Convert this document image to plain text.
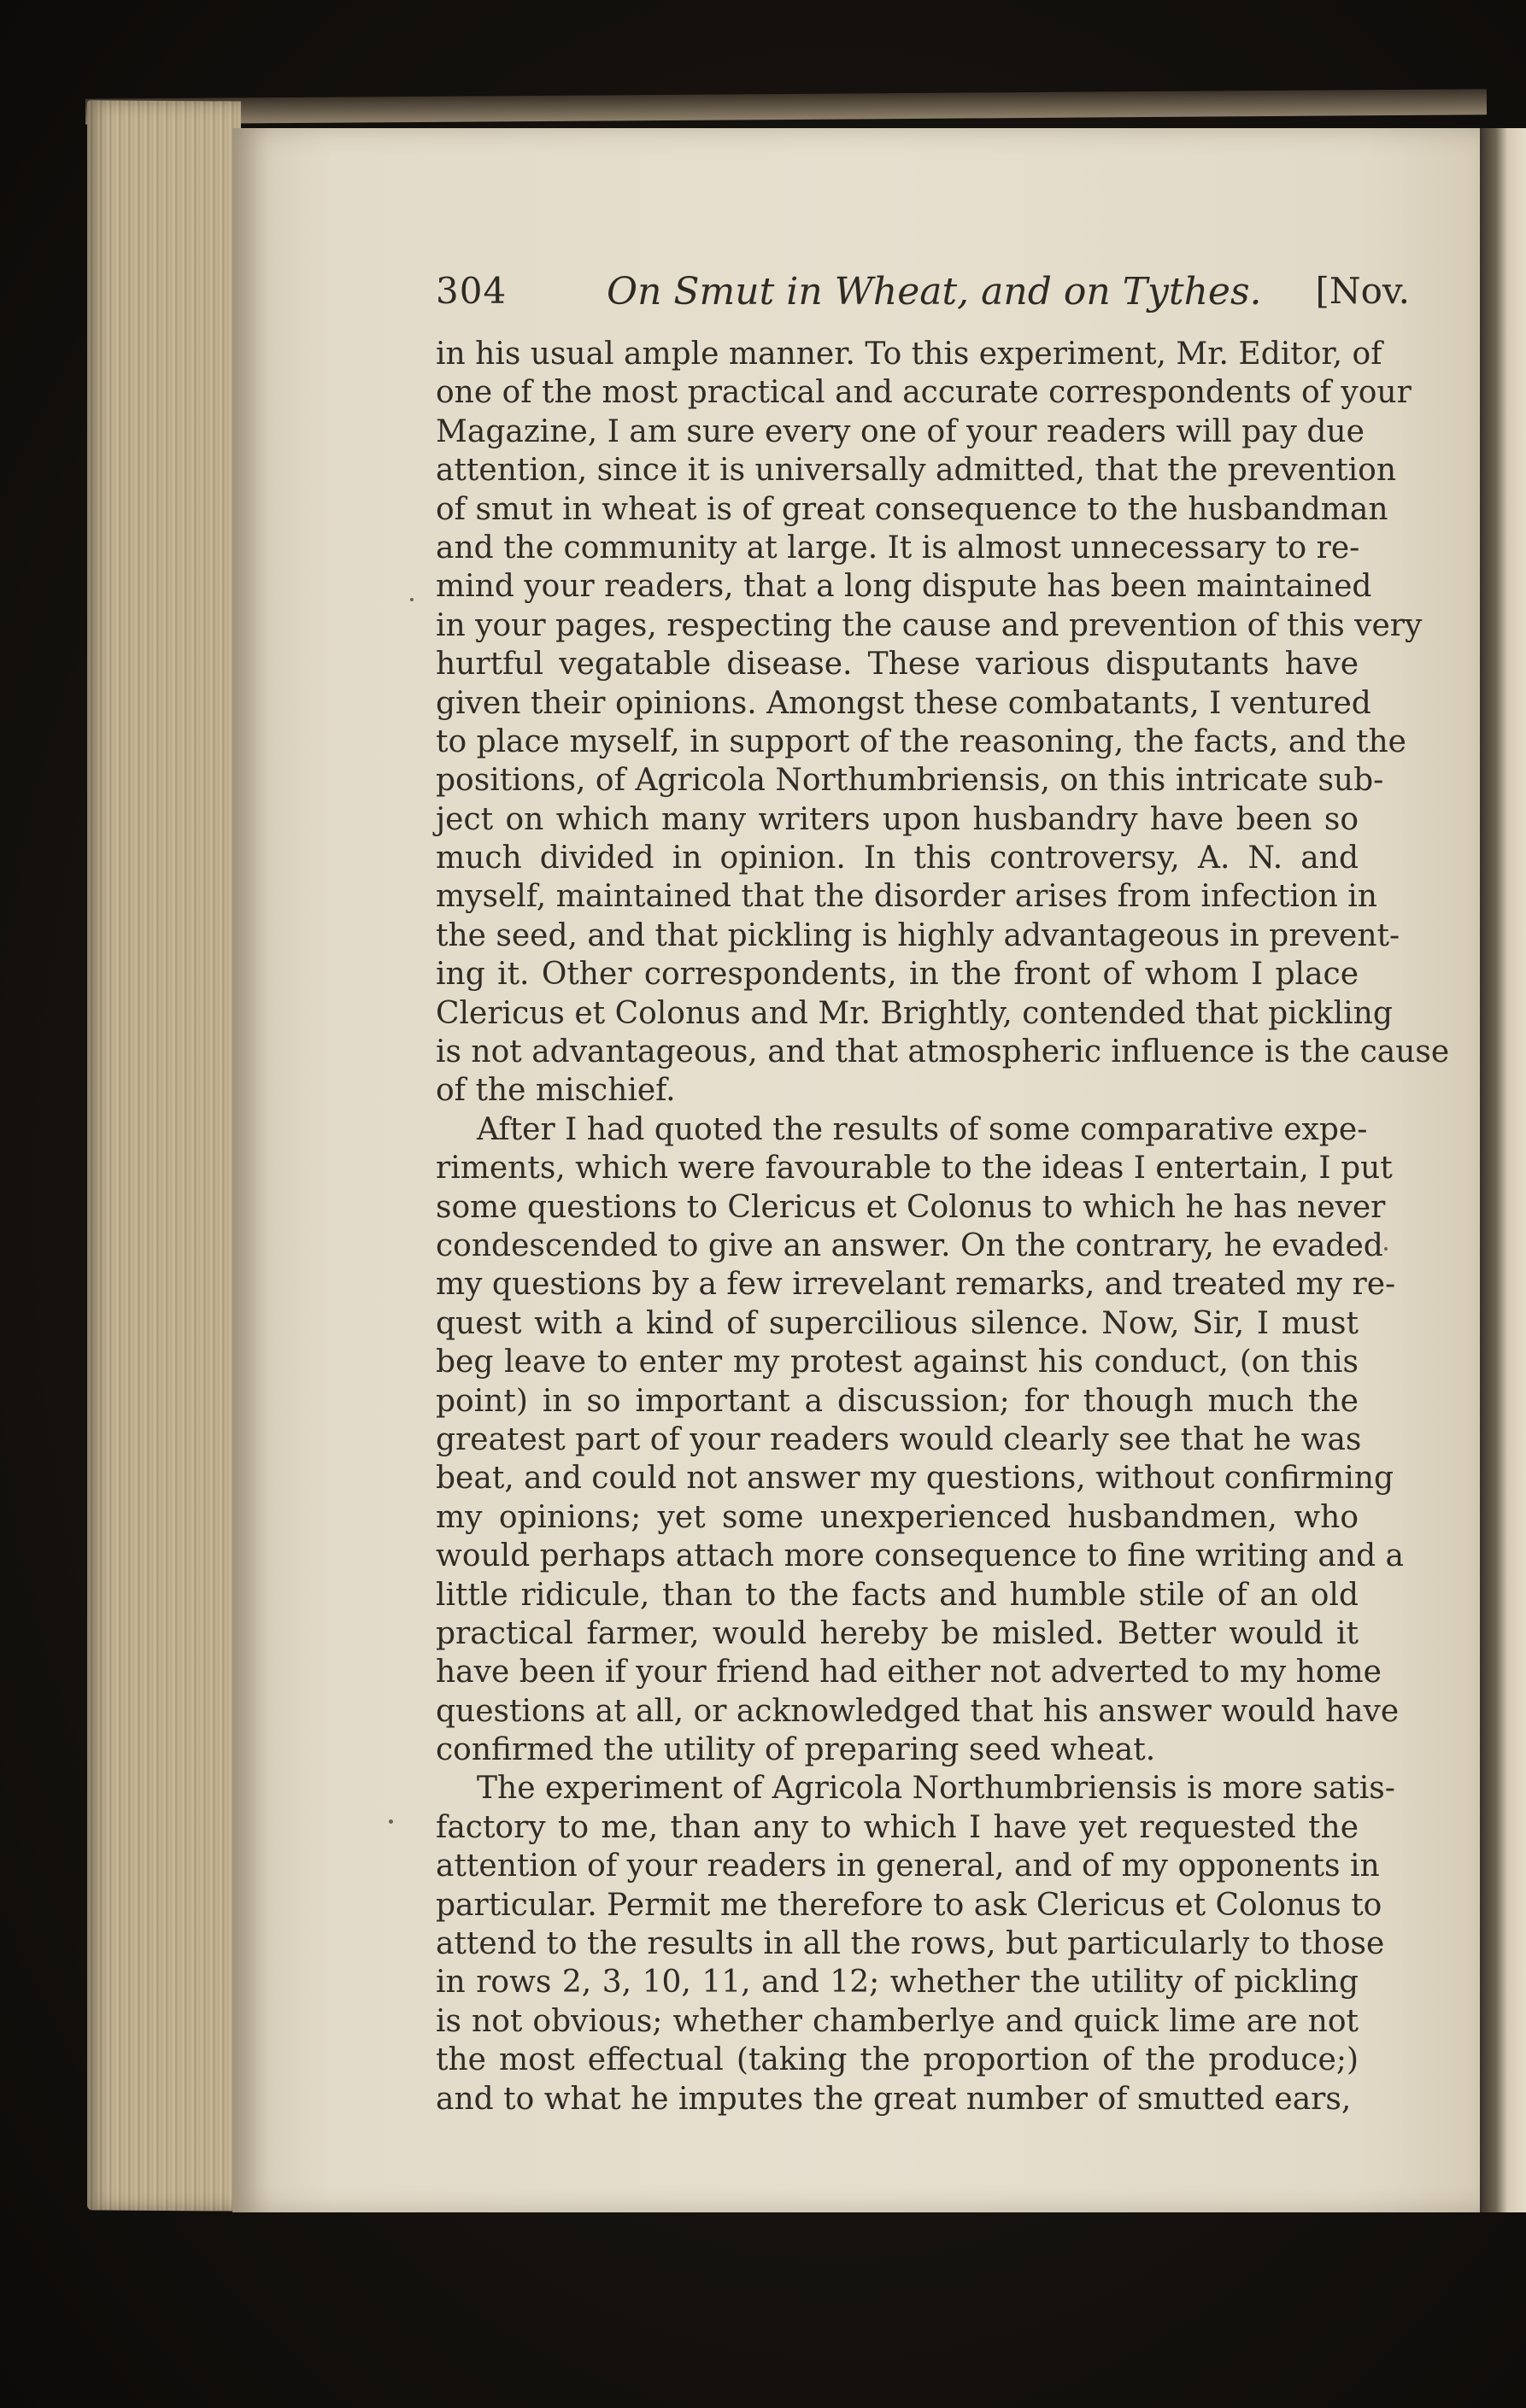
304	On Smut in Wheat, and on Tythes. [Nov.
in his usual ample manner. To this experiment, Mr. Editor, of
one of the most practical and accurate correspondents of your
Magazine, I am sure every one of your readers will pay due
attention, since it is universally admitted, that the prevention
of smut in wheat is of great consequence to the husbandman
and the community at large. It is almost unnecessary to re-
mind your readers, that a long dispute has been maintained
in your pages, respecting the cause and prevention of this very
hurtful vegatable disease. These various disputants have
given their opinions. Amongst these combatants, I ventured
to place myself, in support of the reasoning, the facts, and the
positions, of Agricola Northumbriensis, on this intricate sub-
ject on which many writers upon husbandry have been so
much divided in opinion. In this controversy, A. N. and
myself, maintained that the disorder arises from infection in
the seed, and that pickling is highly advantageous in prevent-
ing it. Other correspondents, in the front of whom I place
Clericus et Colonus and Mr. Brightly, contended that pickling
is not advantageous, and that atmospheric influence is the cause
of the mischief.
After I had quoted the results of some comparative expe-
riments, which were favourable to the ideas I entertain, I put
some questions to Clericus et Colonus to which he has never
condescended to give an answer. On the contrary, he evaded
my questions by a few irrevelant remarks, and treated my re-
quest with a kind of supercilious silence. Now, Sir, I must
beg leave to enter my protest against his conduct, (on this
point) in so important a discussion; for though much the
greatest part of your readers would clearly see that he was
beat, and could not answer my questions, without confirming
my opinions; yet some unexperienced husbandmen, who
would perhaps attach more consequence to fine writing and a
little ridicule, than to the facts and humble stile of an old
practical farmer, would hereby be misled. Better would it
have been if your friend had either not adverted to my home
questions at all, or acknowledged that his answer would have
confirmed the utility of preparing seed wheat.
The experiment of Agricola Northumbriensis is more satis-
factory to me, than any to which I have yet requested the
attention of your readers in general, and of my opponents in
particular. Permit me therefore to ask Clericus et Colonus to
attend to the results in all the rows, but particularly to those
in rows 2, 3, 10, 11, and 12; whether the utility of pickling
is not obvious; whether chamberlye and quick lime are not
the most effectual (taking the proportion of the produce;)
and to what he imputes the great number of smutted ears,
